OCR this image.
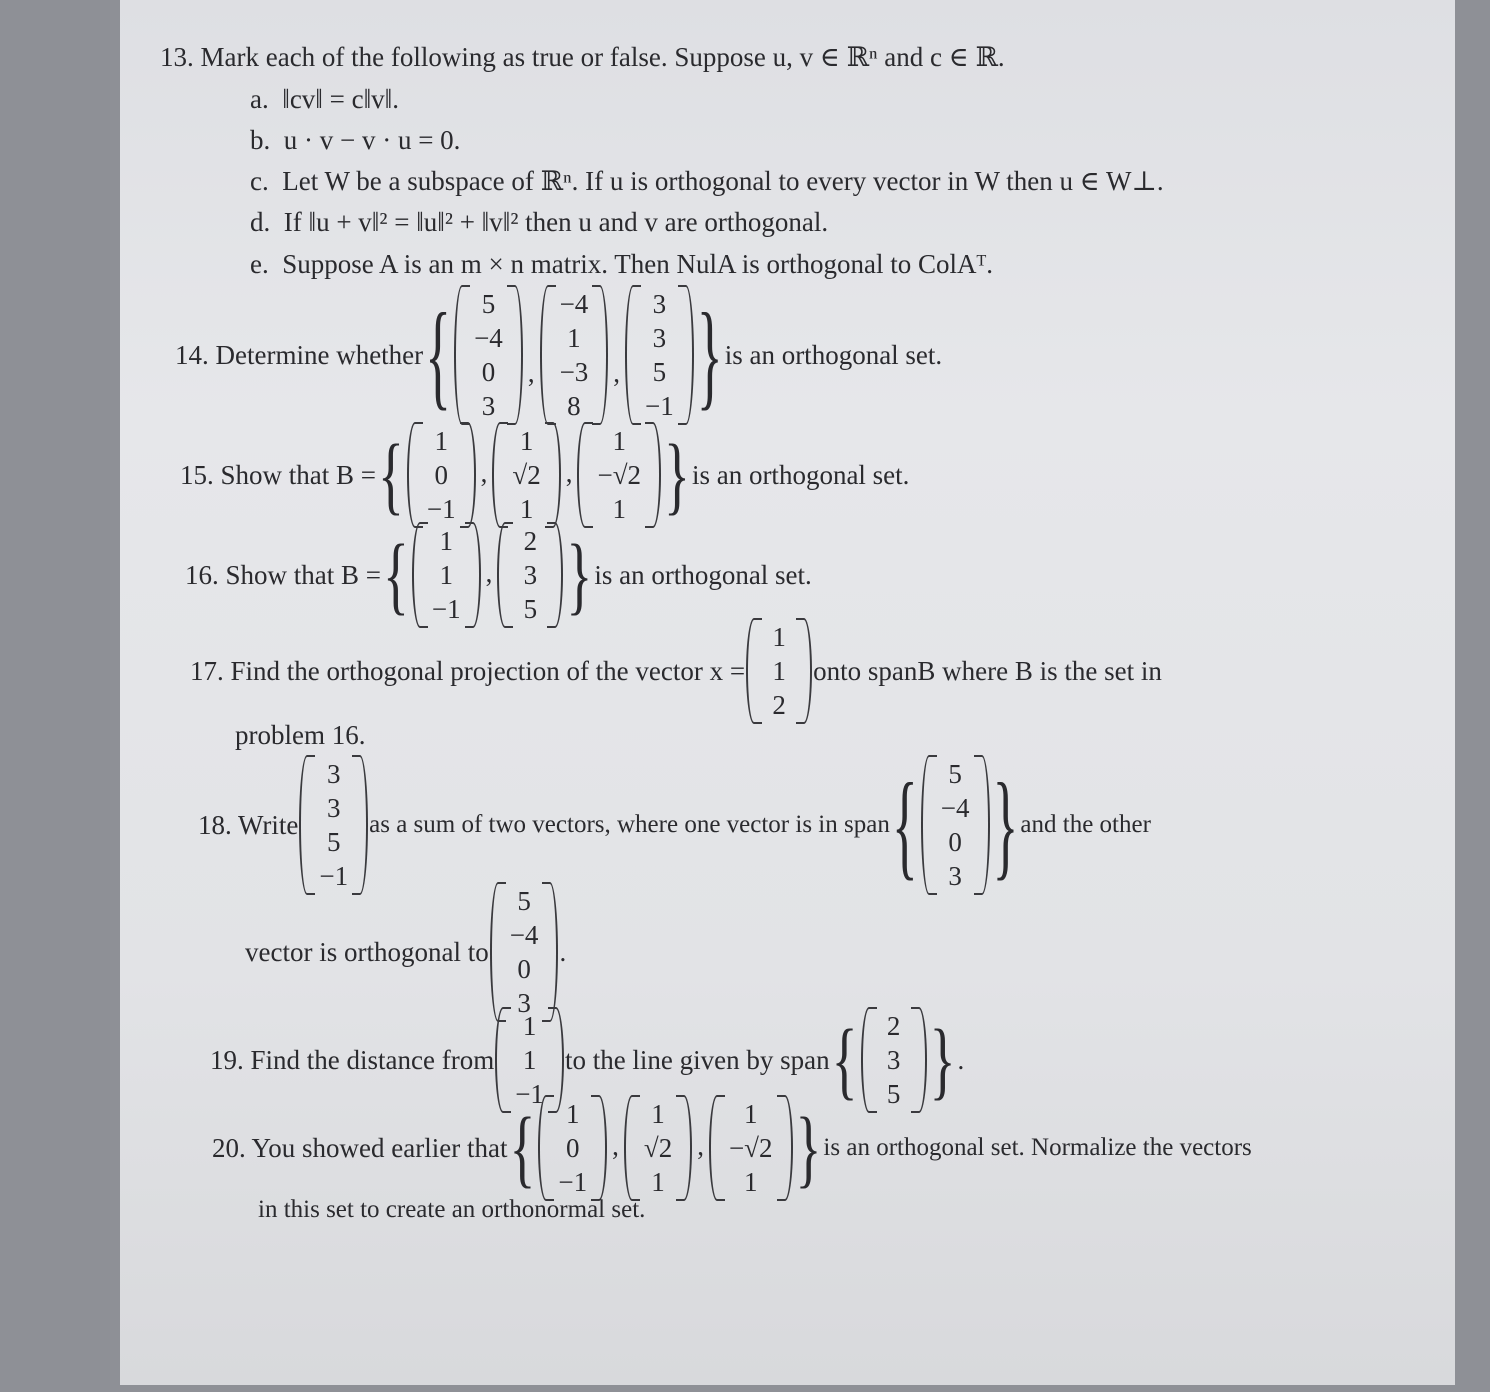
13. Mark each of the following as true or false. Suppose u, v ∈ ℝⁿ and c ∈ ℝ.
a.  ‖cv‖ = c‖v‖.
b.  u · v − v · u = 0.
c.  Let W be a subspace of ℝⁿ. If u is orthogonal to every vector in W then u ∈ W⊥.
d.  If ‖u + v‖² = ‖u‖² + ‖v‖² then u and v are orthogonal.
e.  Suppose A is an m × n matrix. Then NulA is orthogonal to ColAᵀ.
14. Determine whether { 5
−4
0
3
,
−4
1
−3
8
,
3
3
5
−1 } is an orthogonal set.
15. Show that B = { 1
0
−1
,
1
√2
1
,
1
−√2
1 } is an orthogonal set.
16. Show that B = { 1
1
−1
,
2
3
5 } is an orthogonal set.
17. Find the orthogonal projection of the vector x =
1
1
2
onto spanB where B is the set in
problem 16.
18. Write
3
3
5
−1
as a sum of two vectors, where one vector is in span { 5
−4
0
3 } and the other
vector is orthogonal to
5
−4
0
3
.
19. Find the distance from
1
1
−1
to the line given by span { 2
3
5 } .
20. You showed earlier that { 1
0
−1
,
1
√2
1
,
1
−√2
1 } is an orthogonal set. Normalize the vectors
in this set to create an orthonormal set.
